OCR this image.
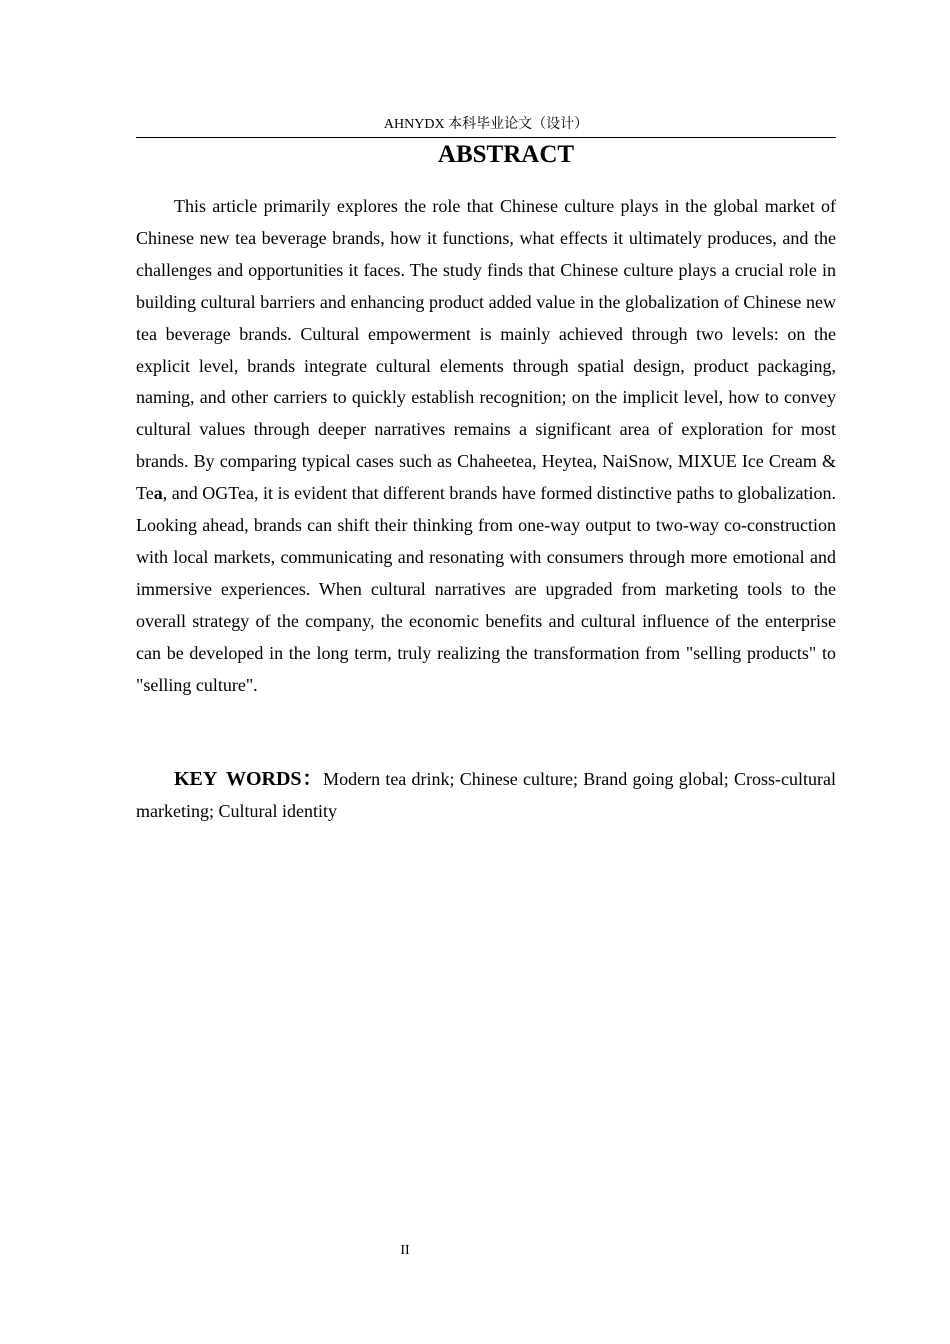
AHNYDX 本科毕业论文（设计）
ABSTRACT

This article primarily explores the role that Chinese culture plays in the global market of Chinese new tea beverage brands, how it functions, what effects it ultimately produces, and the challenges and opportunities it faces. The study finds that Chinese culture plays a crucial role in building cultural barriers and enhancing product added value in the globalization of Chinese new tea beverage brands. Cultural empowerment is mainly achieved through two levels: on the explicit level, brands integrate cultural elements through spatial design, product packaging, naming, and other carriers to quickly establish recognition; on the implicit level, how to convey cultural values through deeper narratives remains a significant area of exploration for most brands. By comparing typical cases such as Chaheetea, Heytea, NaiSnow, MIXUE Ice Cream & Tea, and OGTea, it is evident that different brands have formed distinctive paths to globalization. Looking ahead, brands can shift their thinking from one-way output to two-way co-construction with local markets, communicating and resonating with consumers through more emotional and immersive experiences. When cultural narratives are upgraded from marketing tools to the overall strategy of the company, the economic benefits and cultural influence of the enterprise can be developed in the long term, truly realizing the transformation from "selling products" to "selling culture".

KEY WORDS：Modern tea drink; Chinese culture; Brand going global; Cross-cultural marketing; Cultural identity

II
